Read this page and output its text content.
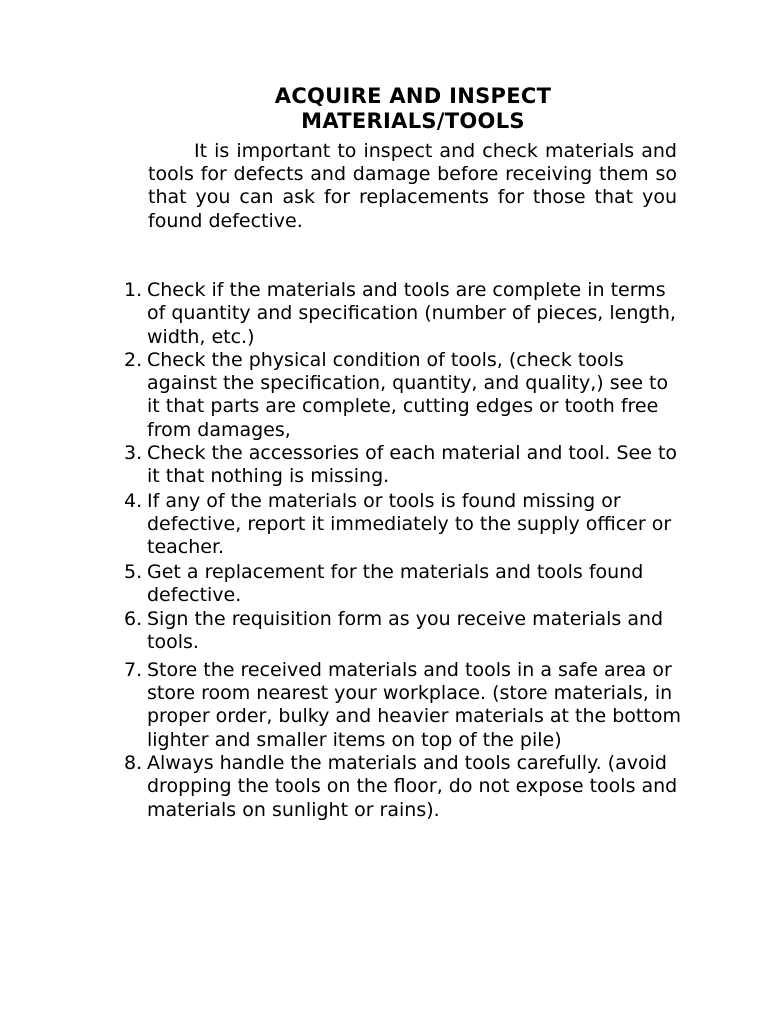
ACQUIRE AND INSPECT
MATERIALS/TOOLS

It is important to inspect and check materials and tools for defects and damage before receiving them so that you can ask for replacements for those that you found defective.

1. Check if the materials and tools are complete in terms of quantity and specification (number of pieces, length, width, etc.)
2. Check the physical condition of tools, (check tools against the specification, quantity, and quality,) see to it that parts are complete, cutting edges or tooth free from damages,
3. Check the accessories of each material and tool. See to it that nothing is missing.
4. If any of the materials or tools is found missing or defective, report it immediately to the supply officer or teacher.
5. Get a replacement for the materials and tools found defective.
6. Sign the requisition form as you receive materials and tools.
7. Store the received materials and tools in a safe area or store room nearest your workplace. (store materials, in proper order, bulky and heavier materials at the bottom lighter and smaller items on top of the pile)
8. Always handle the materials and tools carefully. (avoid dropping the tools on the floor, do not expose tools and materials on sunlight or rains).
